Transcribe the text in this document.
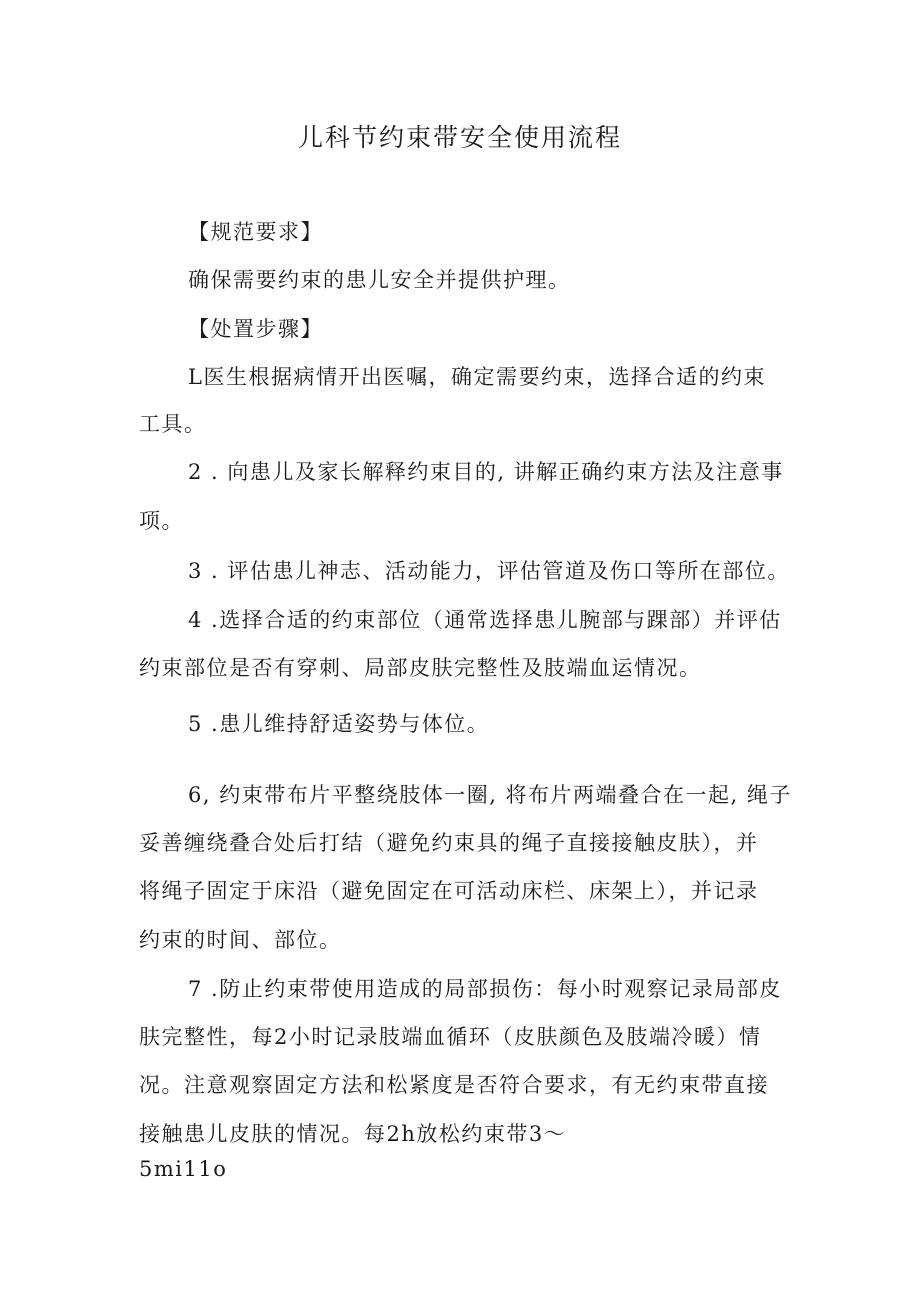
儿科节约束带安全使用流程
【规范要求】
确保需要约束的患儿安全并提供护理。
【处置步骤】
L医生根据病情开出医嘱，确定需要约束，选择合适的约束
工具。
2 . 向患儿及家长解释约束目的, 讲解正确约束方法及注意事
项。
3 . 评估患儿神志、活动能力，评估管道及伤口等所在部位。
4 .选择合适的约束部位（通常选择患儿腕部与踝部）并评估
约束部位是否有穿刺、局部皮肤完整性及肢端血运情况。
5 .患儿维持舒适姿势与体位。
6, 约束带布片平整绕肢体一圈, 将布片两端叠合在一起, 绳子
妥善缠绕叠合处后打结（避免约束具的绳子直接接触皮肤），并
将绳子固定于床沿（避免固定在可活动床栏、床架上），并记录
约束的时间、部位。
7 .防止约束带使用造成的局部损伤：每小时观察记录局部皮
肤完整性，每2小时记录肢端血循环（皮肤颜色及肢端冷暖）情
况。注意观察固定方法和松紧度是否符合要求，有无约束带直接
接触患儿皮肤的情况。每2h放松约束带3〜
5mi11o
